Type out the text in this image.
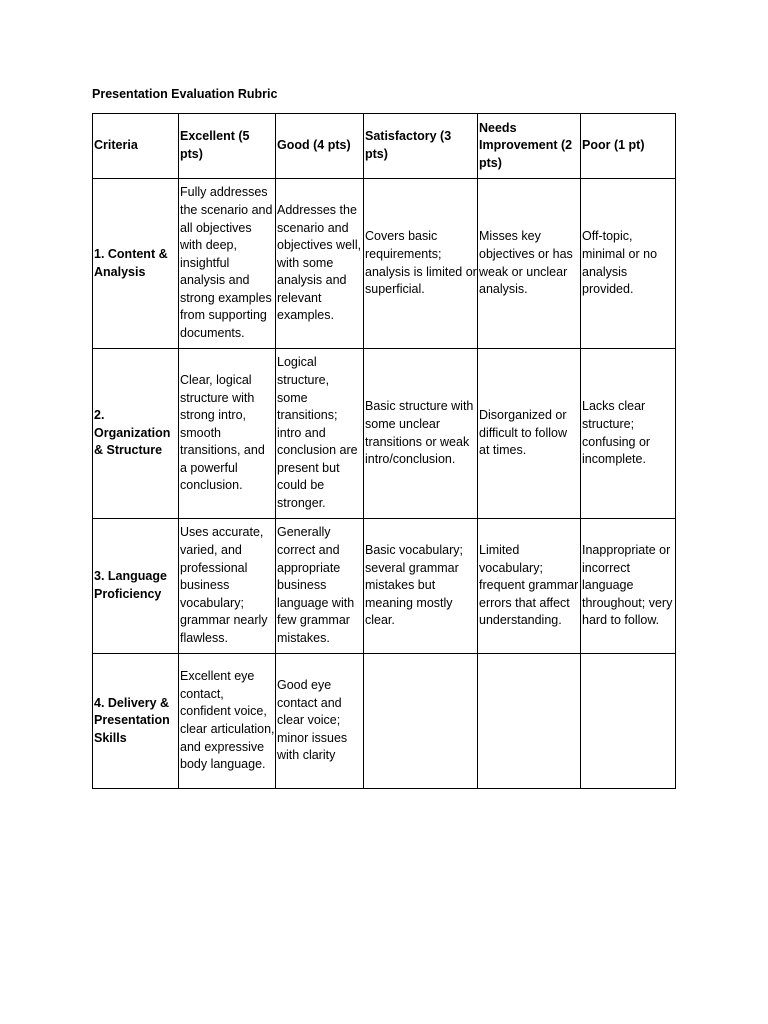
Presentation Evaluation Rubric
Criteria	Excellent (5 pts)	Good (4 pts)	Satisfactory (3 pts)	Needs Improvement (2 pts)	Poor (1 pt)
1. Content & Analysis	Fully addresses the scenario and all objectives with deep, insightful analysis and strong examples from supporting documents.	Addresses the scenario and objectives well, with some analysis and relevant examples.	Covers basic requirements; analysis is limited or superficial.	Misses key objectives or has weak or unclear analysis.	Off-topic, minimal or no analysis provided.
2. Organization & Structure	Clear, logical structure with strong intro, smooth transitions, and a powerful conclusion.	Logical structure, some transitions; intro and conclusion are present but could be stronger.	Basic structure with some unclear transitions or weak intro/conclusion.	Disorganized or difficult to follow at times.	Lacks clear structure; confusing or incomplete.
3. Language Proficiency	Uses accurate, varied, and professional business vocabulary; grammar nearly flawless.	Generally correct and appropriate business language with few grammar mistakes.	Basic vocabulary; several grammar mistakes but meaning mostly clear.	Limited vocabulary; frequent grammar errors that affect understanding.	Inappropriate or incorrect language throughout; very hard to follow.
4. Delivery & Presentation Skills	Excellent eye contact, confident voice, clear articulation, and expressive body language.	Good eye contact and clear voice; minor issues with clarity			
